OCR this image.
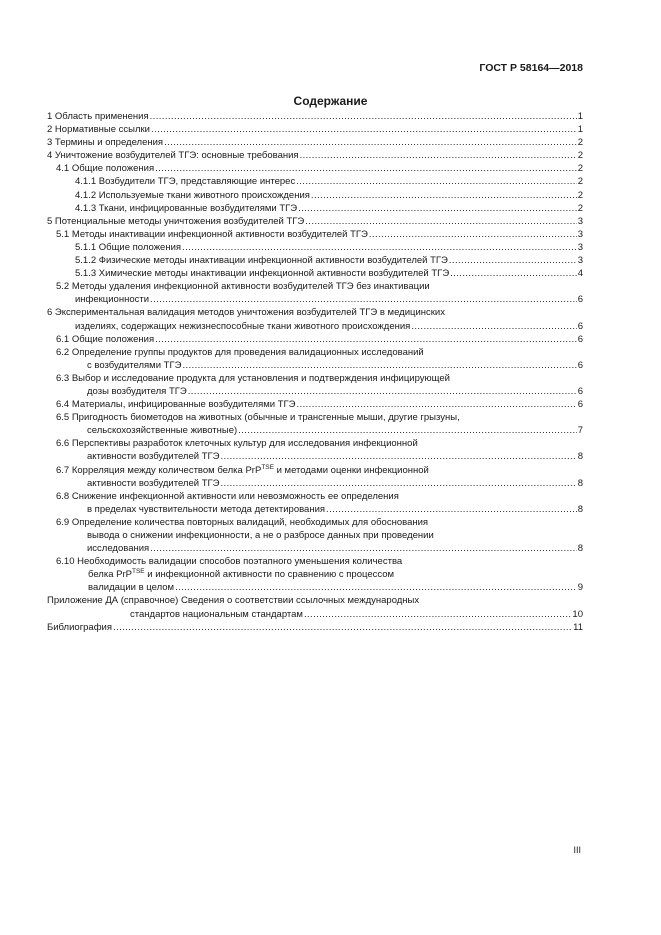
ГОСТ Р 58164—2018
Содержание
1 Область применения .....	1
2 Нормативные ссылки .....	1
3 Термины и определения .....	2
4 Уничтожение возбудителей ТГЭ: основные требования .....	2
4.1 Общие положения .....	2
4.1.1 Возбудители ТГЭ, представляющие интерес .....	2
4.1.2 Используемые ткани животного происхождения .....	2
4.1.3 Ткани, инфицированные возбудителями ТГЭ .....	2
5 Потенциальные методы уничтожения возбудителей ТГЭ .....	3
5.1 Методы инактивации инфекционной активности возбудителей ТГЭ .....	3
5.1.1 Общие положения .....	3
5.1.2 Физические методы инактивации инфекционной активности возбудителей ТГЭ .....	3
5.1.3 Химические методы инактивации инфекционной активности возбудителей ТГЭ .....	4
5.2 Методы удаления инфекционной активности возбудителей ТГЭ без инактивации
инфекционности .....	6
6 Экспериментальная валидация методов уничтожения возбудителей ТГЭ в медицинских
изделиях, содержащих нежизнеспособные ткани животного происхождения .....	6
6.1 Общие положения .....	6
6.2 Определение группы продуктов для проведения валидационных исследований
с возбудителями ТГЭ .....	6
6.3 Выбор и исследование продукта для установления и подтверждения инфицирующей
дозы возбудителя ТГЭ .....	6
6.4 Материалы, инфицированные возбудителями ТГЭ .....	6
6.5 Пригодность биометодов на животных (обычные и трансгенные мыши, другие грызуны,
сельскохозяйственные животные) .....	7
6.6 Перспективы разработок клеточных культур для исследования инфекционной
активности возбудителей ТГЭ .....	8
6.7 Корреляция между количеством белка PrP$^{TSE}$ и методами оценки инфекционной
активности возбудителей ТГЭ .....	8
6.8 Снижение инфекционной активности или невозможность ее определения
в пределах чувствительности метода детектирования .....	8
6.9 Определение количества повторных валидаций, необходимых для обоснования
вывода о снижении инфекционности, а не о разбросе данных при проведении
исследования .....	8
6.10 Необходимость валидации способов поэтапного уменьшения количества
белка PrP$^{TSE}$ и инфекционной активности по сравнению с процессом
валидации в целом .....	9
Приложение ДА (справочное) Сведения о соответствии ссылочных международных
стандартов национальным стандартам .....	10
Библиография .....	11
III
